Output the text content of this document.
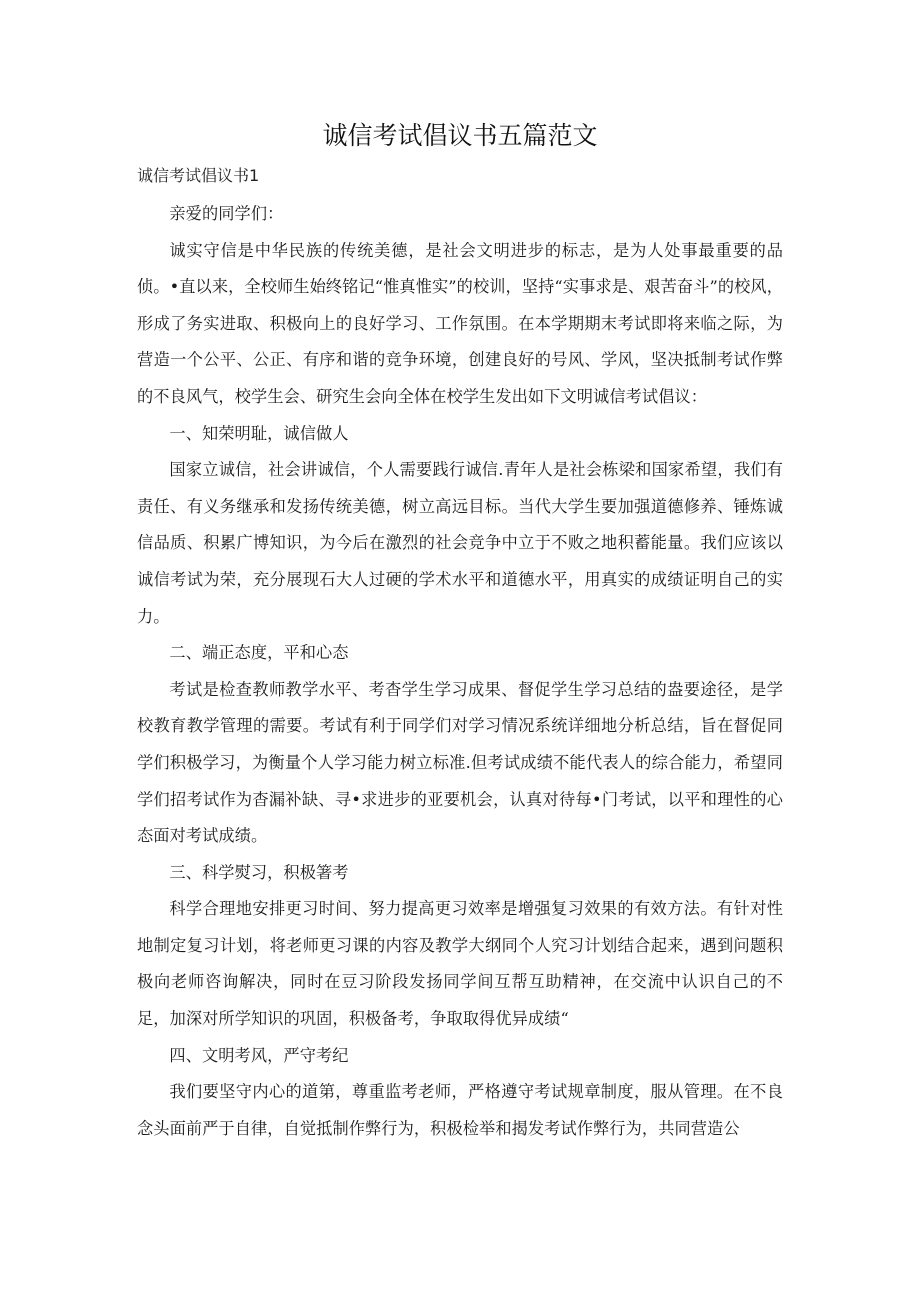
诚信考试倡议书五篇范文
诚信考试倡议书1

亲爱的同学们：

诚实守信是中华民族的传统美德，是社会文明进步的标志，是为人处事最重要的品侦。•直以来，全校师生始终铭记“惟真惟实”的校训，坚持“实事求是、艰苦奋斗”的校风，形成了务实进取、积极向上的良好学习、工作氛围。在本学期期末考试即将来临之际，为营造一个公平、公正、有序和谐的竞争环境，创建良好的号风、学风，坚决抵制考试作弊的不良风气，校学生会、研究生会向全体在校学生发出如下文明诚信考试倡议：

一、知荣明耻，诚信做人

国家立诚信，社会讲诚信，个人需要践行诚信.青年人是社会栋梁和国家希望，我们有责任、有义务继承和发扬传统美德，树立高远目标。当代大学生要加强道德修养、锤炼诚信品质、积累广博知识，为今后在激烈的社会竞争中立于不败之地积蓄能量。我们应该以诚信考试为荣，充分展现石大人过硬的学术水平和道德水平，用真实的成绩证明自己的实力。

二、端正态度，平和心态

考试是检查教师教学水平、考杳学生学习成果、督促学生学习总结的盎要途径，是学校教育教学管理的需要。考试有利于同学们对学习情况系统详细地分析总结，旨在督促同学们积极学习，为衡量个人学习能力树立标准.但考试成绩不能代表人的综合能力，希望同学们招考试作为杳漏补缺、寻•求进步的亚要机会，认真对待每•门考试，以平和理性的心态面对考试成绩。

三、科学熨习，积极箸考

科学合理地安排更习时间、努力提高更习效率是增强复习效果的有效方法。有针对性地制定复习计划，将老师更习课的内容及教学大纲同个人究习计划结合起来，遇到问题积极向老师咨询解决，同时在豆习阶段发扬同学间互帮互助精神，在交流中认识自己的不足，加深对所学知识的巩固，积极备考，争取取得优异成绩“

四、文明考风，严守考纪

我们要坚守内心的道第，尊重监考老师，严格遵守考试规章制度，服从管理。在不良念头面前严于自律，自觉抵制作弊行为，积极检举和揭发考试作弊行为，共同营造公
